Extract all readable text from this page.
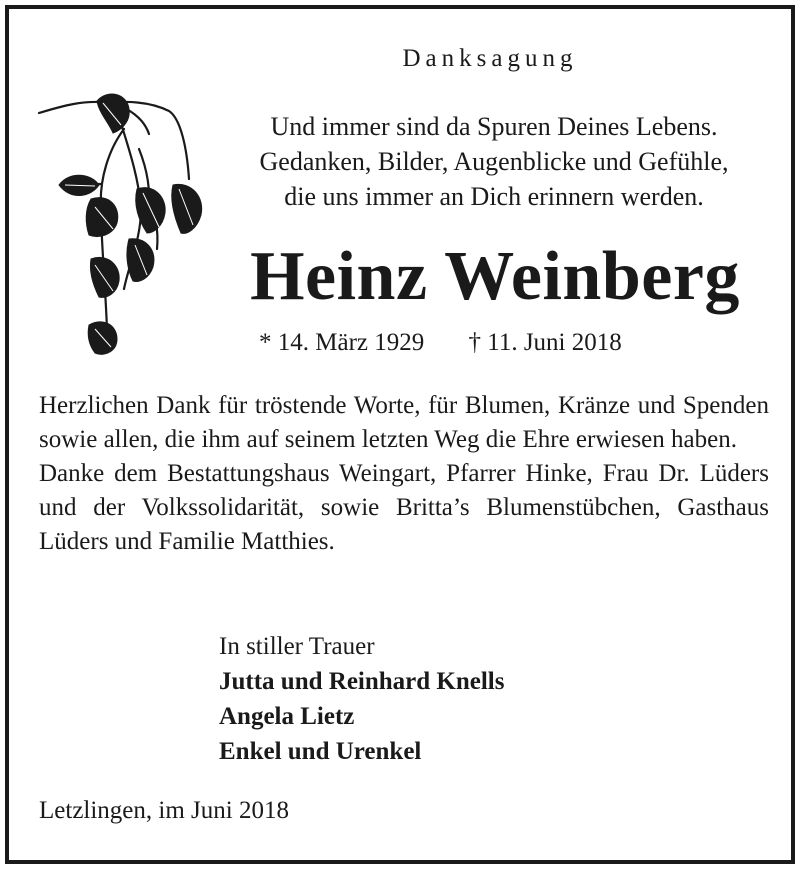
Danksagung
Und immer sind da Spuren Deines Lebens.
Gedanken, Bilder, Augenblicke und Gefühle,
die uns immer an Dich erinnern werden.
Heinz Weinberg
* 14. März 1929 † 11. Juni 2018

Herzlichen Dank für tröstende Worte, für Blumen, Kränze und Spenden sowie allen, die ihm auf seinem letzten Weg die Ehre erwiesen haben.

Danke dem Bestattungshaus Weingart, Pfarrer Hinke, Frau Dr. Lüders und der Volkssolidarität, sowie Britta’s Blumenstübchen, Gasthaus Lüders und Familie Matthies.

In stiller Trauer
Jutta und Reinhard Knells
Angela Lietz
Enkel und Urenkel
Letzlingen, im Juni 2018
